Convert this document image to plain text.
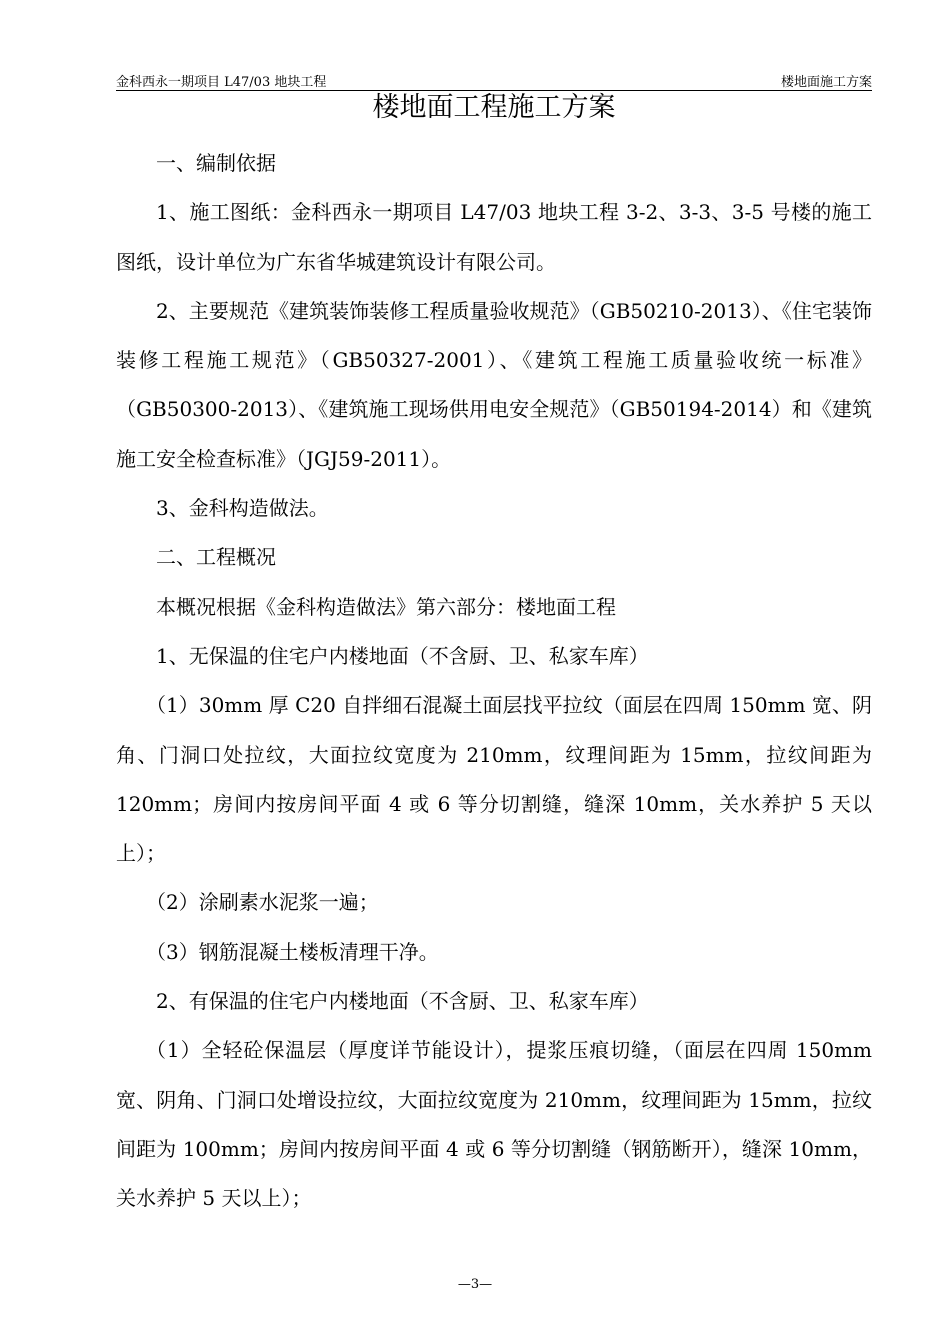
金科西永一期项目 L47/03 地块工程	楼地面施工方案
楼地面工程施工方案

一、编制依据

1、施工图纸：金科西永一期项目 L47/03 地块工程 3-2、3-3、3-5 号楼的施工图纸，设计单位为广东省华城建筑设计有限公司。

2、主要规范《建筑装饰装修工程质量验收规范》（GB50210-2013）、《住宅装饰装修工程施工规范》（GB50327-2001）、《建筑工程施工质量验收统一标准》（GB50300-2013）、《建筑施工现场供用电安全规范》（GB50194-2014）和《建筑施工安全检查标准》（JGJ59-2011）。

3、金科构造做法。

二、工程概况

本概况根据《金科构造做法》第六部分：楼地面工程

1、无保温的住宅户内楼地面（不含厨、卫、私家车库）

（1）30mm 厚 C20 自拌细石混凝土面层找平拉纹（面层在四周 150mm 宽、阴角、门洞口处拉纹，大面拉纹宽度为 210mm，纹理间距为 15mm，拉纹间距为 120mm；房间内按房间平面 4 或 6 等分切割缝，缝深 10mm，关水养护 5 天以上）；

（2）涂刷素水泥浆一遍；

（3）钢筋混凝土楼板清理干净。

2、有保温的住宅户内楼地面（不含厨、卫、私家车库）

（1）全轻砼保温层（厚度详节能设计），提浆压痕切缝，（面层在四周 150mm 宽、阴角、门洞口处增设拉纹，大面拉纹宽度为 210mm，纹理间距为 15mm，拉纹间距为 100mm；房间内按房间平面 4 或 6 等分切割缝（钢筋断开），缝深 10mm，关水养护 5 天以上）；

—3—
